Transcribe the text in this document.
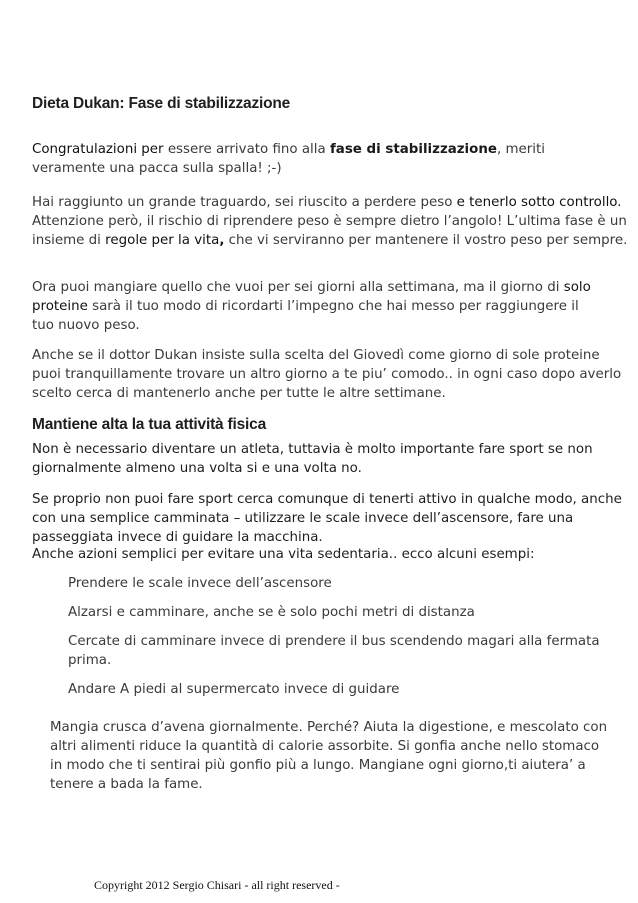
Dieta Dukan: Fase di stabilizzazione

Congratulazioni per essere arrivato fino alla fase di stabilizzazione, meriti veramente una pacca sulla spalla! ;-)

Hai raggiunto un grande traguardo, sei riuscito a perdere peso e tenerlo sotto controllo. Attenzione però, il rischio di riprendere peso è sempre dietro l’angolo! L’ultima fase è un insieme di regole per la vita, che vi serviranno per mantenere il vostro peso per sempre.

Ora puoi mangiare quello che vuoi per sei giorni alla settimana, ma il giorno di solo proteine sarà il tuo modo di ricordarti l’impegno che hai messo per raggiungere il tuo nuovo peso.

Anche se il dottor Dukan insiste sulla scelta del Giovedì come giorno di sole proteine puoi tranquillamente trovare un altro giorno a te piu’ comodo.. in ogni caso dopo averlo scelto cerca di mantenerlo anche per tutte le altre settimane.

Mantiene alta la tua attività fisica

Non è necessario diventare un atleta, tuttavia è molto importante fare sport se non giornalmente almeno una volta si e una volta no.

Se proprio non puoi fare sport cerca comunque di tenerti attivo in qualche modo, anche con una semplice camminata – utilizzare le scale invece dell’ascensore, fare una passeggiata invece di guidare la macchina.

Anche azioni semplici per evitare una vita sedentaria.. ecco alcuni esempi:

Prendere le scale invece dell’ascensore
Alzarsi e camminare, anche se è solo pochi metri di distanza
Cercate di camminare invece di prendere il bus scendendo magari alla fermata prima.
Andare A piedi al supermercato invece di guidare

Mangia crusca d’avena giornalmente. Perché? Aiuta la digestione, e mescolato con altri alimenti riduce la quantità di calorie assorbite. Si gonfia anche nello stomaco in modo che ti sentirai più gonfio più a lungo. Mangiane ogni giorno,ti aiutera’ a tenere a bada la fame.

Copyright 2012 Sergio Chisari - all right reserved -
